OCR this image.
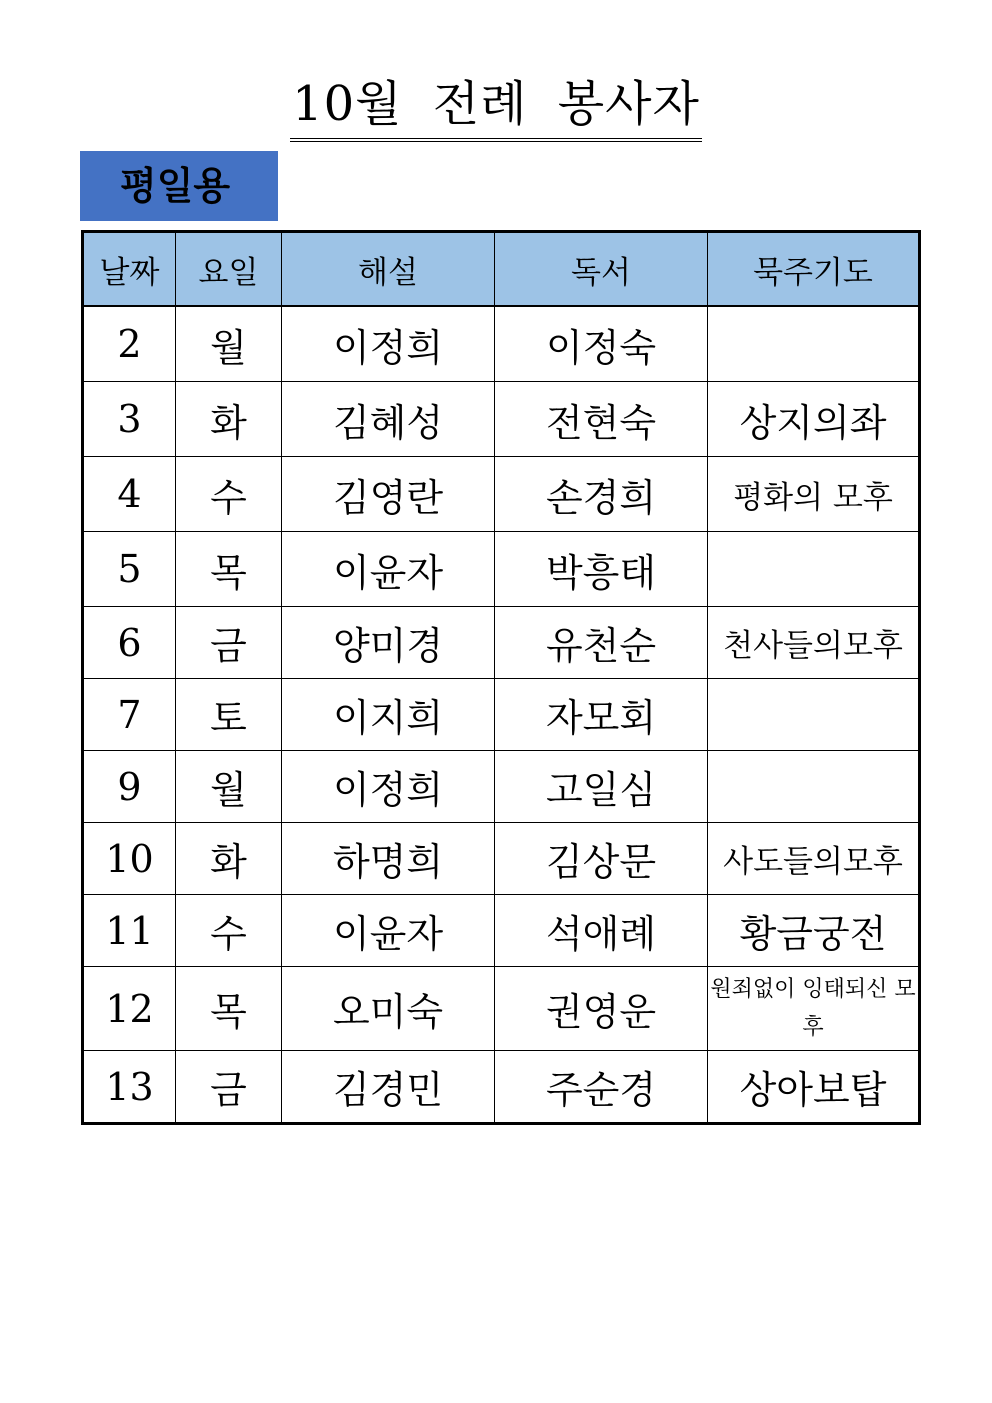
10월 전례 봉사자
평일용
날짜	요일	해설	독서	묵주기도
2	월	이정희	이정숙	
3	화	김혜성	전현숙	상지의좌
4	수	김영란	손경희	평화의 모후
5	목	이윤자	박흥태	
6	금	양미경	유천순	천사들의모후
7	토	이지희	자모회	
9	월	이정희	고일심	
10	화	하명희	김상문	사도들의모후
11	수	이윤자	석애례	황금궁전
12	목	오미숙	권영운	원죄없이 잉태되신 모후
13	금	김경민	주순경	상아보탑
